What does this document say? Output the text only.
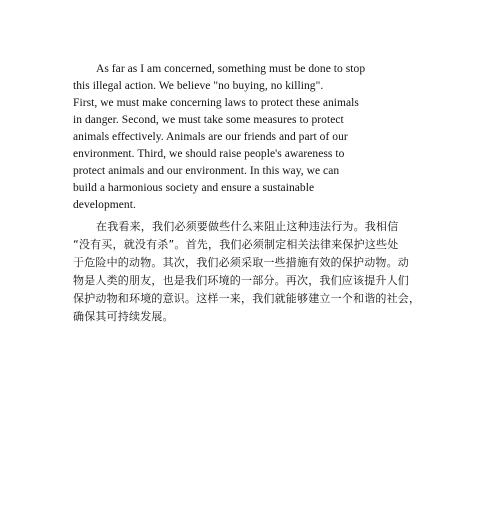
As far as I am concerned, something must be done to stop
this illegal action. We believe "no buying, no killing".
First, we must make concerning laws to protect these animals
in danger. Second, we must take some measures to protect
animals effectively. Animals are our friends and part of our
environment. Third, we should raise people's awareness to
protect animals and our environment. In this way, we can
build a harmonious society and ensure a sustainable
development.
在我看来，我们必须要做些什么来阻止这种违法行为。我相信
“没有买，就没有杀”。首先，我们必须制定相关法律来保护这些处
于危险中的动物。其次，我们必须采取一些措施有效的保护动物。动
物是人类的朋友，也是我们环境的一部分。再次，我们应该提升人们
保护动物和环境的意识。这样一来，我们就能够建立一个和谐的社会，
确保其可持续发展。
